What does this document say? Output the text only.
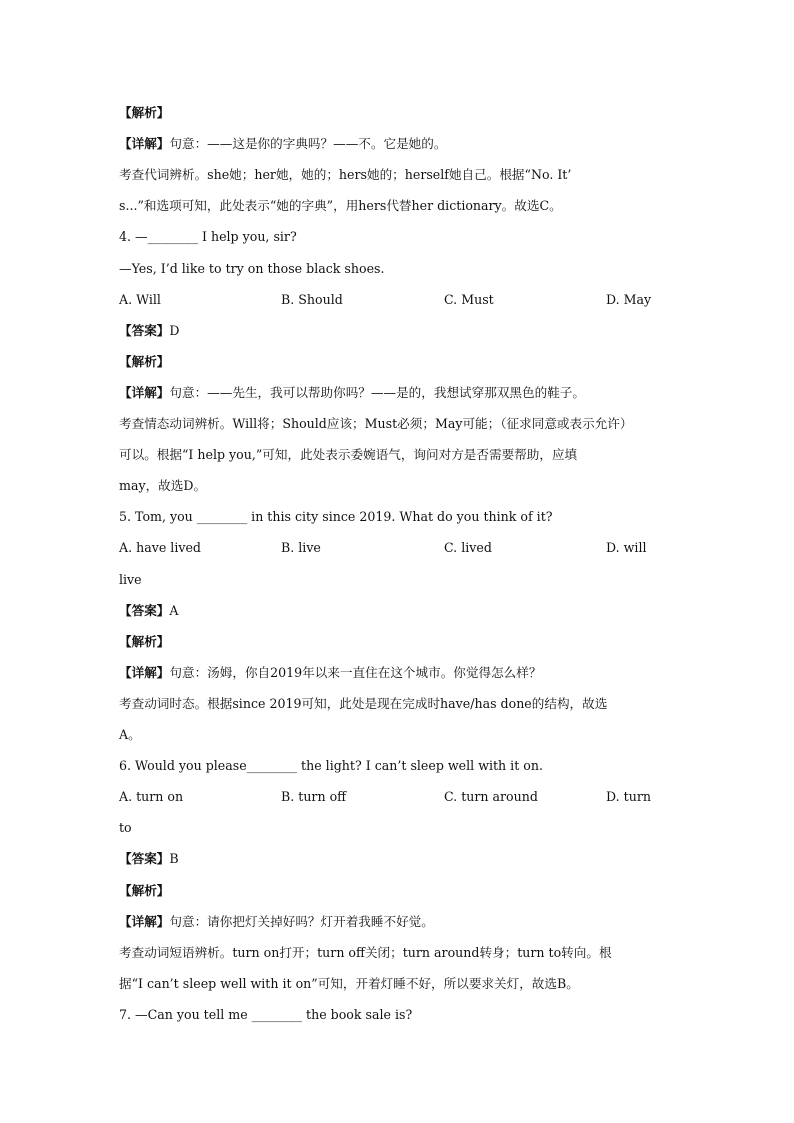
【解析】
【详解】句意：——这是你的字典吗？——不。它是她的。
考查代词辨析。she她；her她，她的；hers她的；herself她自己。根据“No. It’
s...”和选项可知，此处表示“她的字典”，用hers代替her dictionary。故选C。
4. —________ I help you, sir?
—Yes, I’d like to try on those black shoes.
A. Will	B. Should	C. Must	D. May
【答案】D
【解析】
【详解】句意：——先生，我可以帮助你吗？——是的，我想试穿那双黑色的鞋子。
考查情态动词辨析。Will将；Should应该；Must必须；May可能；（征求同意或表示允许）
可以。根据“I help you,”可知，此处表示委婉语气，询问对方是否需要帮助，应填
may，故选D。
5. Tom, you ________ in this city since 2019. What do you think of it?
A. have lived	B. live	C. lived	D. will
live
【答案】A
【解析】
【详解】句意：汤姆，你自2019年以来一直住在这个城市。你觉得怎么样？
考查动词时态。根据since 2019可知，此处是现在完成时have/has done的结构，故选
A。
6. Would you please________ the light? I can’t sleep well with it on.
A. turn on	B. turn off	C. turn around	D. turn
to
【答案】B
【解析】
【详解】句意：请你把灯关掉好吗？灯开着我睡不好觉。
考查动词短语辨析。turn on打开；turn off关闭；turn around转身；turn to转向。根
据“I can’t sleep well with it on”可知，开着灯睡不好，所以要求关灯，故选B。
7. —Can you tell me ________ the book sale is?
